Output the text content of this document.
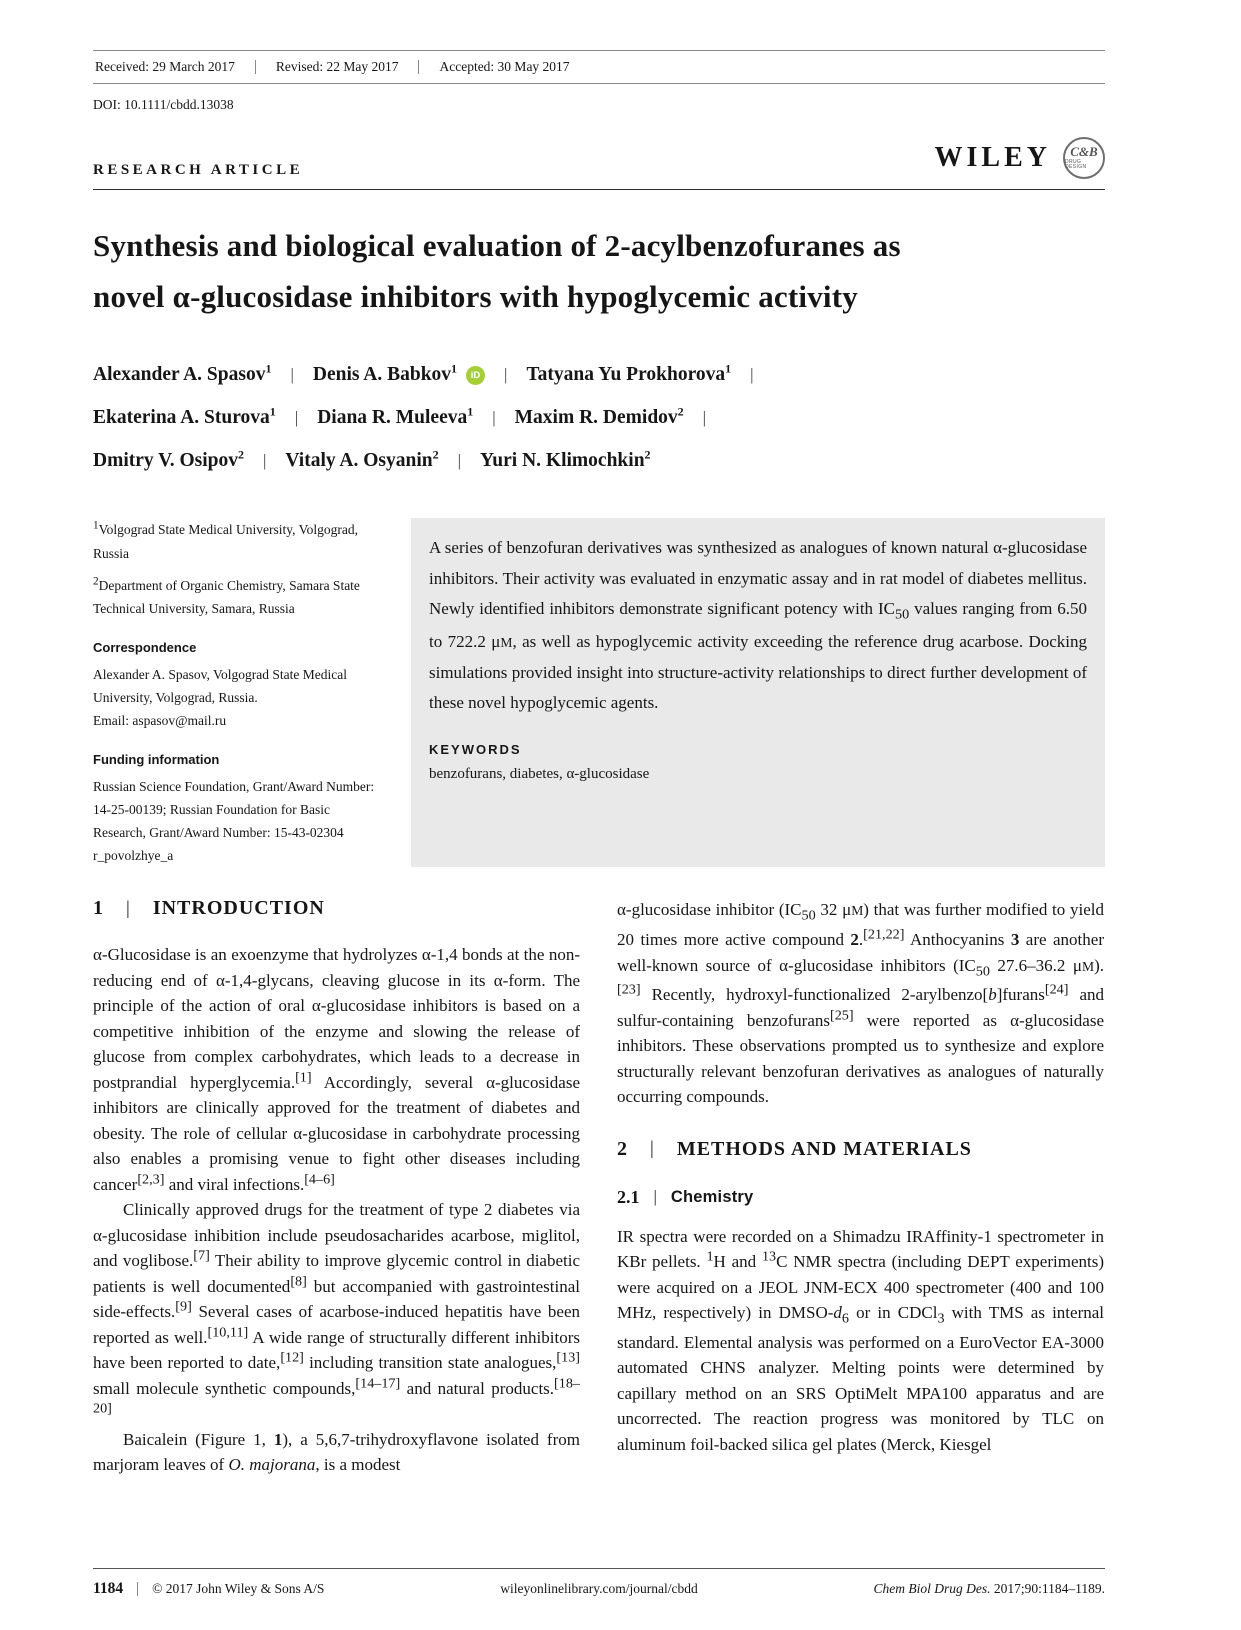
Received: 29 March 2017	Revised: 22 May 2017	Accepted: 30 May 2017
DOI: 10.1111/cbdd.13038
RESEARCH ARTICLE	WILEY C&B
DRUG DESIGN
Synthesis and biological evaluation of 2-acylbenzofuranes as
novel α-glucosidase inhibitors with hypoglycemic activity
Alexander A. Spasov$^1$ | Denis A. Babkov$^1$	iD | Tatyana Yu Prokhorova$^1$ |
Ekaterina A. Sturova$^1$ | Diana R. Muleeva$^1$ | Maxim R. Demidov$^2$ |
Dmitry V. Osipov$^2$ | Vitaly A. Osyanin$^2$ | Yuri N. Klimochkin$^2$

$^1$Volgograd State Medical University, Volgograd, Russia

$^2$Department of Organic Chemistry, Samara State Technical University, Samara, Russia

Correspondence

Alexander A. Spasov, Volgograd State Medical University, Volgograd, Russia.

Email: aspasov@mail.ru

Funding information

Russian Science Foundation, Grant/Award Number: 14-25-00139; Russian Foundation for Basic Research, Grant/Award Number: 15-43-02304 r_povolzhye_a

A series of benzofuran derivatives was synthesized as analogues of known natural α-glucosidase inhibitors. Their activity was evaluated in enzymatic assay and in rat model of diabetes mellitus. Newly identified inhibitors demonstrate significant potency with $IC_{50}$ values ranging from 6.50 to 722.2 μM, as well as hypoglycemic activity exceeding the reference drug acarbose. Docking simulations provided insight into structure-activity relationships to direct further development of these novel hypoglycemic agents.

KEYWORDS

benzofurans, diabetes, α-glucosidase

1 | INTRODUCTION

α-Glucosidase is an exoenzyme that hydrolyzes α-1,4 bonds at the non-reducing end of α-1,4-glycans, cleaving glucose in its α-form. The principle of the action of oral α-glucosidase inhibitors is based on a competitive inhibition of the enzyme and slowing the release of glucose from complex carbohydrates, which leads to a decrease in postprandial hyperglycemia.[1] Accordingly, several α-glucosidase inhibitors are clinically approved for the treatment of diabetes and obesity. The role of cellular α-glucosidase in carbohydrate processing also enables a promising venue to fight other diseases including cancer[2,3] and viral infections.[4–6]

Clinically approved drugs for the treatment of type 2 diabetes via α-glucosidase inhibition include pseudosacharides acarbose, miglitol, and voglibose.[7] Their ability to improve glycemic control in diabetic patients is well documented[8] but accompanied with gastrointestinal side-effects.[9] Several cases of acarbose-induced hepatitis have been reported as well.[10,11] A wide range of structurally different inhibitors have been reported to date,[12] including transition state analogues,[13] small molecule synthetic compounds,[14–17] and natural products.[18–20]

Baicalein (Figure 1, 1), a 5,6,7-trihydroxyflavone isolated from marjoram leaves of O. majorana, is a modest

α-glucosidase inhibitor ($IC_{50}$ 32 μM) that was further modified to yield 20 times more active compound 2.[21,22] Anthocyanins 3 are another well-known source of α-glucosidase inhibitors ($IC_{50}$ 27.6–36.2 μM).[23] Recently, hydroxyl-functionalized 2-arylbenzo[b]furans[24] and sulfur-containing benzofurans[25] were reported as α-glucosidase inhibitors. These observations prompted us to synthesize and explore structurally relevant benzofuran derivatives as analogues of naturally occurring compounds.

2 | METHODS AND MATERIALS
2.1 | Chemistry

IR spectra were recorded on a Shimadzu IRAffinity-1 spectrometer in KBr pellets. $^1$H and $^{13}$C NMR spectra (including DEPT experiments) were acquired on a JEOL JNM-ECX 400 spectrometer (400 and 100 MHz, respectively) in DMSO-$d_6$ or in CDCl$_3$ with TMS as internal standard. Elemental analysis was performed on a EuroVector EA-3000 automated CHNS analyzer. Melting points were determined by capillary method on an SRS OptiMelt MPA100 apparatus and are uncorrected. The reaction progress was monitored by TLC on aluminum foil-backed silica gel plates (Merck, Kiesgel

1184 © 2017 John Wiley & Sons A/S	wileyonlinelibrary.com/journal/cbdd	Chem Biol Drug Des. 2017;90:1184–1189.
